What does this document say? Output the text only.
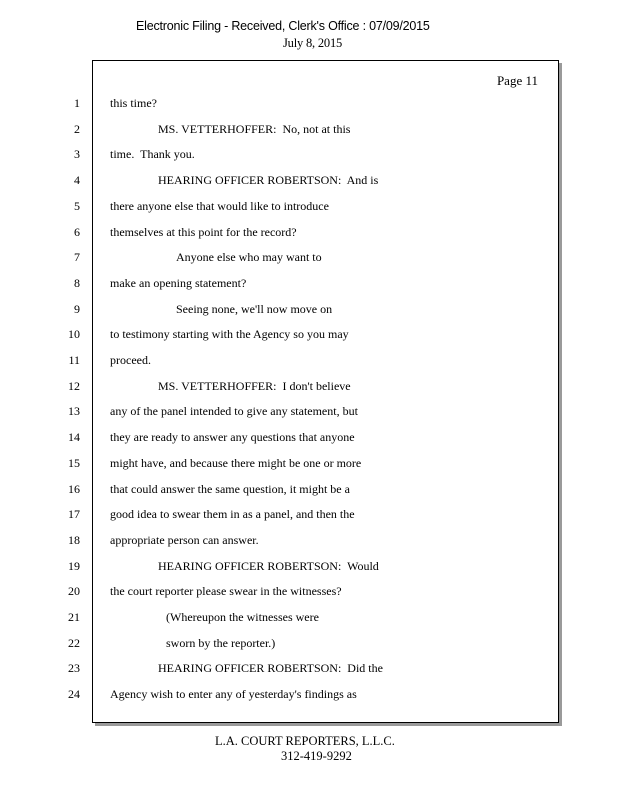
Electronic Filing - Received, Clerk's Office : 07/09/2015
July 8, 2015
Page 11
1	this time?
2	MS. VETTERHOFFER:  No, not at this
3	time.  Thank you.
4	HEARING OFFICER ROBERTSON:  And is
5	there anyone else that would like to introduce
6	themselves at this point for the record?
7	Anyone else who may want to
8	make an opening statement?
9	Seeing none, we'll now move on
10	to testimony starting with the Agency so you may
11	proceed.
12	MS. VETTERHOFFER:  I don't believe
13	any of the panel intended to give any statement, but
14	they are ready to answer any questions that anyone
15	might have, and because there might be one or more
16	that could answer the same question, it might be a
17	good idea to swear them in as a panel, and then the
18	appropriate person can answer.
19	HEARING OFFICER ROBERTSON:  Would
20	the court reporter please swear in the witnesses?
21	(Whereupon the witnesses were
22	sworn by the reporter.)
23	HEARING OFFICER ROBERTSON:  Did the
24	Agency wish to enter any of yesterday's findings as
L.A. COURT REPORTERS, L.L.C.
312-419-9292
